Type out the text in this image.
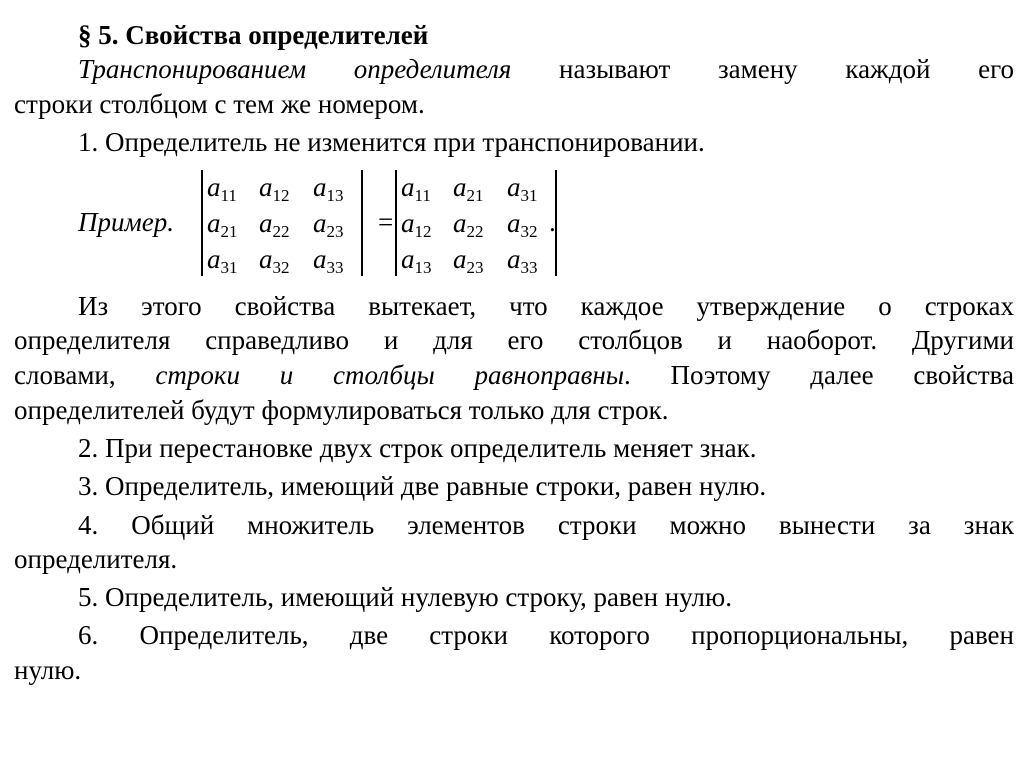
§ 5. Свойства определителей
Транспонированием определителя называют замену каждой его
строки столбцом с тем же номером.
1. Определитель не изменится при транспонировании.
Пример.
$a_{11}$ $a_{12}$ $a_{13}$
$a_{21}$ $a_{22}$ $a_{23}$
$a_{31}$ $a_{32}$ $a_{33}$
=
$a_{11}$ $a_{21}$ $a_{31}$
$a_{12}$ $a_{22}$ $a_{32}$
$a_{13}$ $a_{23}$ $a_{33}$
.
Из этого свойства вытекает, что каждое утверждение о строках
определителя справедливо и для его столбцов и наоборот. Другими
словами, строки и столбцы равноправны. Поэтому далее свойства
определителей будут формулироваться только для строк.
2. При перестановке двух строк определитель меняет знак.
3. Определитель, имеющий две равные строки, равен нулю.
4. Общий множитель элементов строки можно вынести за знак
определителя.
5. Определитель, имеющий нулевую строку, равен нулю.
6. Определитель, две строки которого пропорциональны, равен
нулю.
